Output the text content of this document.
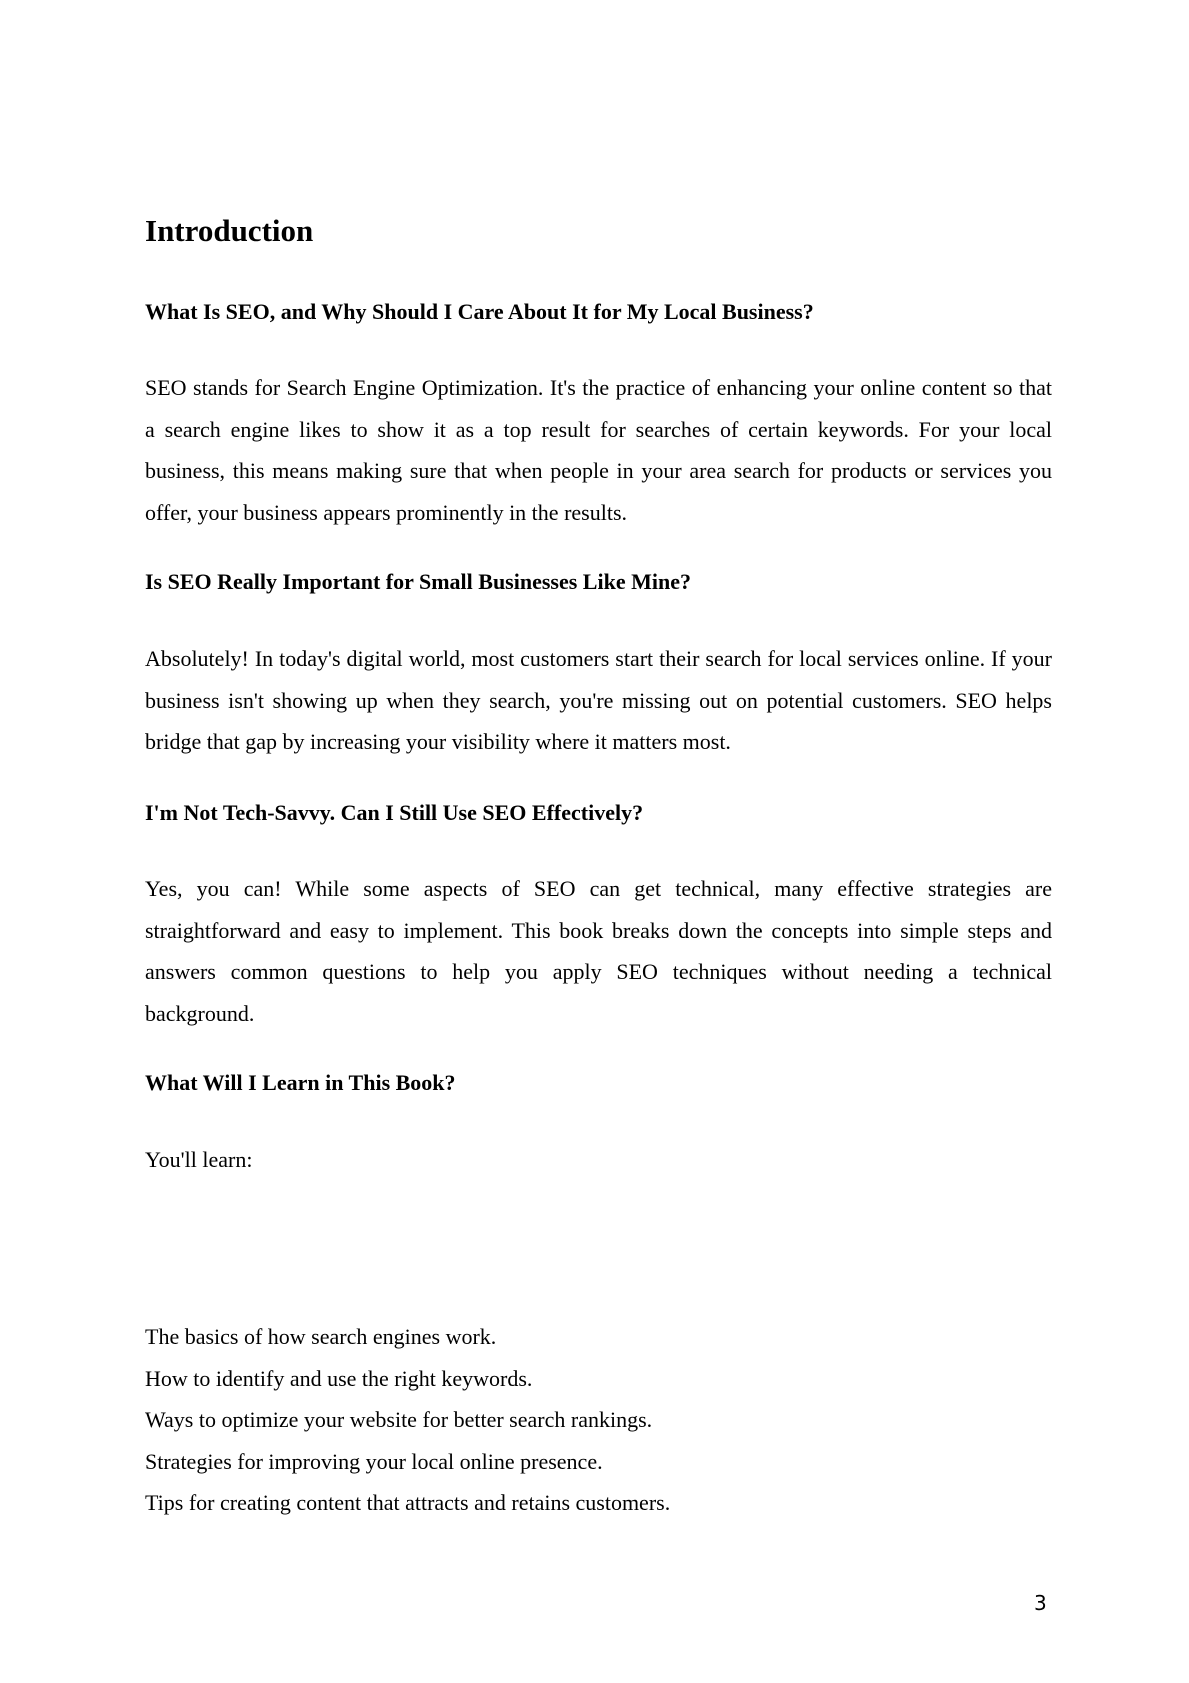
Introduction
What Is SEO, and Why Should I Care About It for My Local Business?

SEO stands for Search Engine Optimization. It's the practice of enhancing your online content so that a search engine likes to show it as a top result for searches of certain keywords. For your local business, this means making sure that when people in your area search for products or services you offer, your business appears prominently in the results.

Is SEO Really Important for Small Businesses Like Mine?

Absolutely! In today's digital world, most customers start their search for local services online. If your business isn't showing up when they search, you're missing out on potential customers. SEO helps bridge that gap by increasing your visibility where it matters most.

I'm Not Tech-Savvy. Can I Still Use SEO Effectively?

Yes, you can! While some aspects of SEO can get technical, many effective strategies are straightforward and easy to implement. This book breaks down the concepts into simple steps and answers common questions to help you apply SEO techniques without needing a technical background.

What Will I Learn in This Book?

You'll learn:

The basics of how search engines work.
How to identify and use the right keywords.
Ways to optimize your website for better search rankings.
Strategies for improving your local online presence.
Tips for creating content that attracts and retains customers.
3
